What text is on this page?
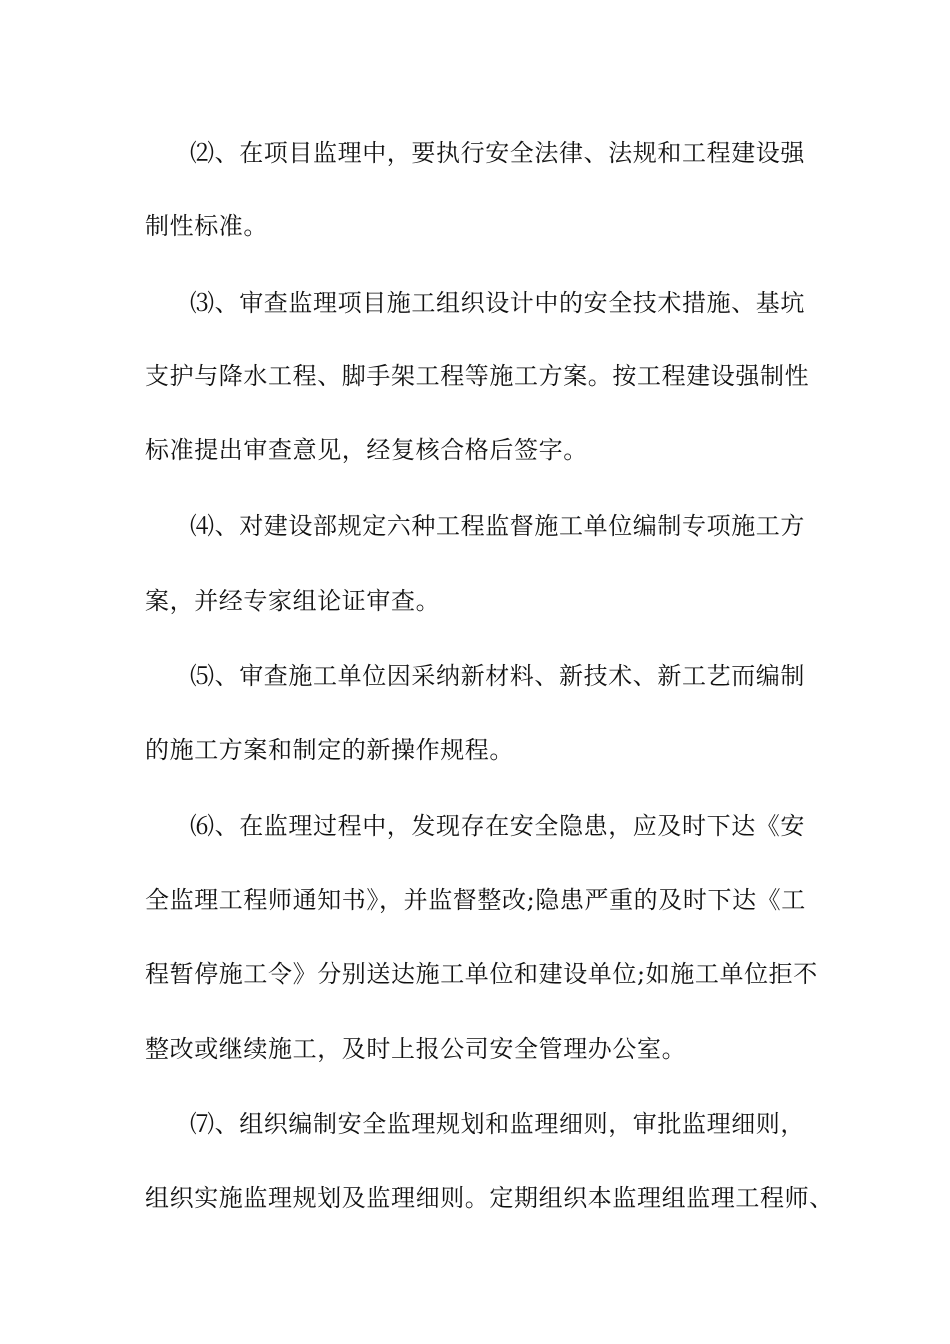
⑵、在项目监理中，要执行安全法律、法规和工程建设强
制性标准。
⑶、审查监理项目施工组织设计中的安全技术措施、基坑
支护与降水工程、脚手架工程等施工方案。按工程建设强制性
标准提出审查意见，经复核合格后签字。
⑷、对建设部规定六种工程监督施工单位编制专项施工方
案，并经专家组论证审查。
⑸、审查施工单位因采纳新材料、新技术、新工艺而编制
的施工方案和制定的新操作规程。
⑹、在监理过程中，发现存在安全隐患，应及时下达《安
全监理工程师通知书》，并监督整改;隐患严重的及时下达《工
程暂停施工令》分别送达施工单位和建设单位;如施工单位拒不
整改或继续施工，及时上报公司安全管理办公室。
⑺、组织编制安全监理规划和监理细则，审批监理细则，
组织实施监理规划及监理细则。定期组织本监理组监理工程师、
